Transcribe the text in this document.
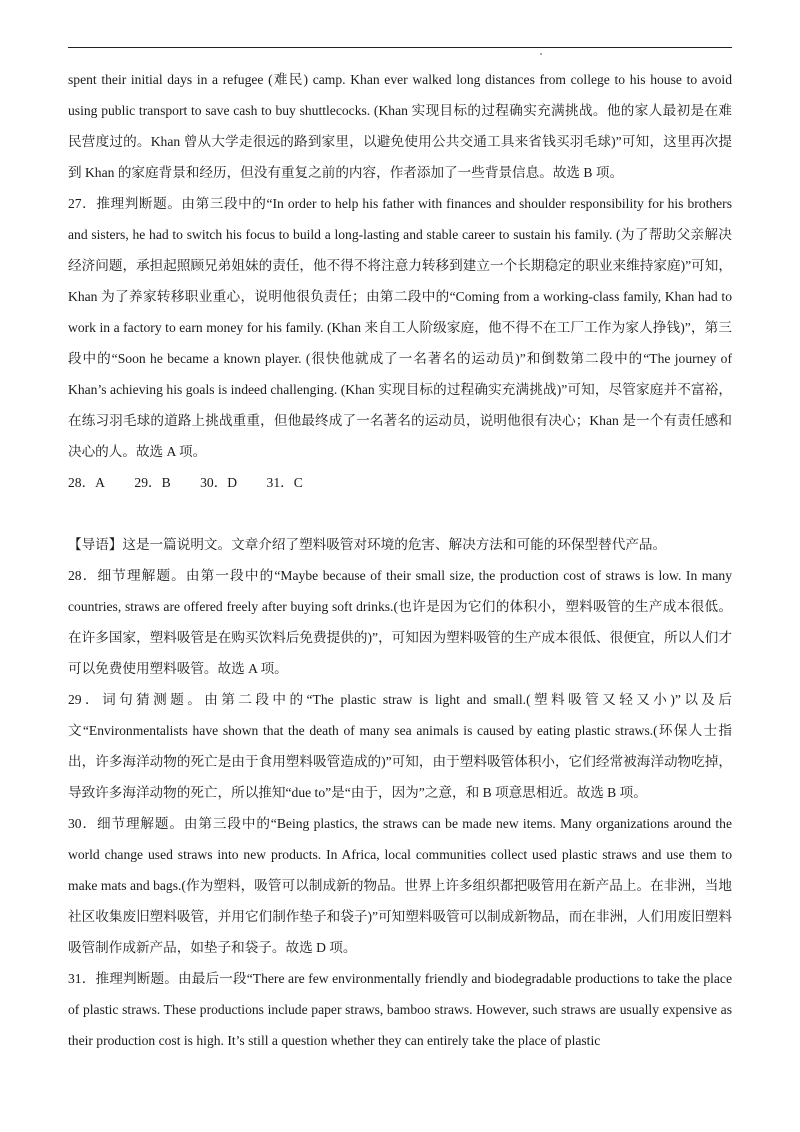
spent their initial days in a refugee (难民) camp. Khan ever walked long distances from college to his house to avoid using public transport to save cash to buy shuttlecocks. (Khan 实现目标的过程确实充满挑战。他的家人最初是在难民营度过的。Khan 曾从大学走很远的路到家里，以避免使用公共交通工具来省钱买羽毛球)”可知，这里再次提到 Khan 的家庭背景和经历，但没有重复之前的内容，作者添加了一些背景信息。故选 B 项。

27．推理判断题。由第三段中的“In order to help his father with finances and shoulder responsibility for his brothers and sisters, he had to switch his focus to build a long-lasting and stable career to sustain his family. (为了帮助父亲解决经济问题，承担起照顾兄弟姐妹的责任，他不得不将注意力转移到建立一个长期稳定的职业来维持家庭)”可知，Khan 为了养家转移职业重心，说明他很负责任；由第二段中的“Coming from a working-class family, Khan had to work in a factory to earn money for his family. (Khan 来自工人阶级家庭，他不得不在工厂工作为家人挣钱)”，第三段中的“Soon he became a known player. (很快他就成了一名著名的运动员)”和倒数第二段中的“The journey of Khan’s achieving his goals is indeed challenging. (Khan 实现目标的过程确实充满挑战)”可知，尽管家庭并不富裕，在练习羽毛球的道路上挑战重重，但他最终成了一名著名的运动员，说明他很有决心；Khan 是一个有责任感和决心的人。故选 A 项。

28．A 29．B 30．D 31．C

【导语】这是一篇说明文。文章介绍了塑料吸管对环境的危害、解决方法和可能的环保型替代产品。

28．细节理解题。由第一段中的“Maybe because of their small size, the production cost of straws is low. In many countries, straws are offered freely after buying soft drinks.(也许是因为它们的体积小，塑料吸管的生产成本很低。在许多国家，塑料吸管是在购买饮料后免费提供的)”，可知因为塑料吸管的生产成本很低、很便宜，所以人们才可以免费使用塑料吸管。故选 A 项。

29．词句猜测题。由第二段中的“The plastic straw is light and small.(塑料吸管又轻又小)”以及后文“Environmentalists have shown that the death of many sea animals is caused by eating plastic straws.(环保人士指出，许多海洋动物的死亡是由于食用塑料吸管造成的)”可知，由于塑料吸管体积小，它们经常被海洋动物吃掉，导致许多海洋动物的死亡，所以推知“due to”是“由于，因为”之意，和 B 项意思相近。故选 B 项。

30．细节理解题。由第三段中的“Being plastics, the straws can be made new items. Many organizations around the world change used straws into new products. In Africa, local communities collect used plastic straws and use them to make mats and bags.(作为塑料，吸管可以制成新的物品。世界上许多组织都把吸管用在新产品上。在非洲，当地社区收集废旧塑料吸管，并用它们制作垫子和袋子)”可知塑料吸管可以制成新物品，而在非洲，人们用废旧塑料吸管制作成新产品，如垫子和袋子。故选 D 项。

31．推理判断题。由最后一段“There are few environmentally friendly and biodegradable productions to take the place of plastic straws. These productions include paper straws, bamboo straws. However, such straws are usually expensive as their production cost is high. It’s still a question whether they can entirely take the place of plastic
